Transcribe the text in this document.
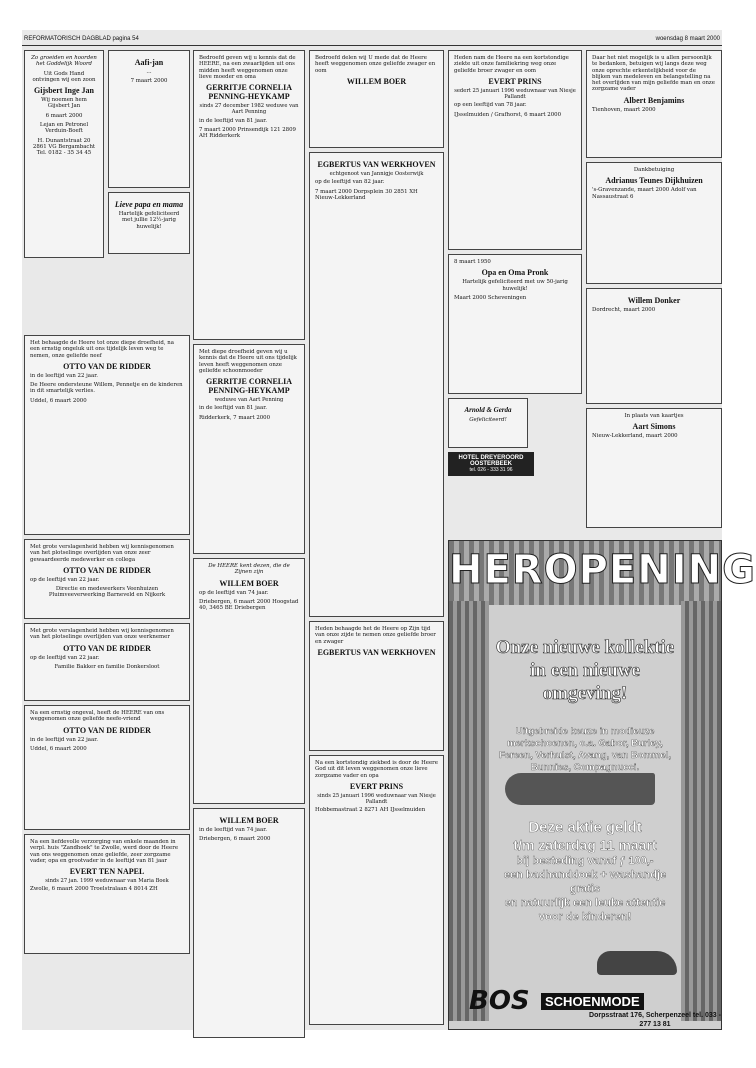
REFORMATORISCH DAGBLAD pagina 54	woensdag 8 maart 2000

Zo groeiden en hoorden het Goddelijk Woord

Uit Gods Hand ontvingen wij een zoon

Gijsbert Inge Jan

Wij noemen hem Gijsbert Jan

6 maart 2000

Lejan en Petronel Verduin-Boeft

H. Dunantstraat 20 2861 VG Bergambacht Tel. 0182 - 35 34 45

Aafi-jan

...

7 maart 2000

Lieve papa en mama

Hartelijk gefeliciteerd met jullie 12½-jarig huwelijk!

Het behaagde de Heere tot onze diepe droefheid, na een ernstig ongeluk uit ons tijdelijk leven weg te nemen, onze geliefde neef

OTTO VAN DE RIDDER

in de leeftijd van 22 jaar.

De Heere ondersteune Willem, Pennetje en de kinderen in dit smartelijk verlies.

Uddel, 6 maart 2000

Met grote verslagenheid hebben wij kennisgenomen van het plotselinge overlijden van onze zeer gewaardeerde medewerker en collega

OTTO VAN DE RIDDER

op de leeftijd van 22 jaar.

Directie en medewerkers Veenhuizen Pluimveeverwerking Barneveld en Nijkerk

Met grote verslagenheid hebben wij kennisgenomen van het plotselinge overlijden van onze werknemer

OTTO VAN DE RIDDER

op de leeftijd van 22 jaar.

Familie Bakker en familie Donkersloot

Na een ernstig ongeval, heeft de HEERE van ons weggenomen onze geliefde neefe-vriend

OTTO VAN DE RIDDER

in de leeftijd van 22 jaar.

Uddel, 6 maart 2000

Na een liefdevolle verzorging van enkele maanden in verpl. huis "Zandhoek" te Zwolle, werd door de Heere van ons weggenomen onze geliefde, zeer zorgzame vader, opa en grootvader in de leeftijd van 81 jaar

EVERT TEN NAPEL

sinds 27 jan. 1999 weduwnaar van Maria Boek

Zwolle, 6 maart 2000 Troelstralaan 4 8014 ZH

Bedroefd geven wij u kennis dat de HEERE, na een zwaarlijden uit ons midden heeft weggenomen onze lieve moeder en oma

GERRITJE CORNELIA PENNING-HEYKAMP

sinds 27 december 1982 weduwe van Aart Penning

in de leeftijd van 81 jaar.

7 maart 2000 Prinsendijk 121 2809 AH Ridderkerk

Met diepe droefheid geven wij u kennis dat de Heere uit ons tijdelijk leven heeft weggenomen onze geliefde schoonmoeder

GERRITJE CORNELIA PENNING-HEYKAMP

weduwe van Aart Penning

in de leeftijd van 81 jaar.

Ridderkerk, 7 maart 2000

De HEERE kent dezen, die de Zijnen zijn

WILLEM BOER

op de leeftijd van 74 jaar.

Driebergen, 6 maart 2000 Hoogstad 40, 3465 BE Driebergen

WILLEM BOER

in de leeftijd van 74 jaar.

Driebergen, 6 maart 2000

Bedroefd delen wij U mede dat de Heere heeft weggenomen onze geliefde zwager en oom

WILLEM BOER
EGBERTUS VAN WERKHOVEN

echtgenoot van Jannigje Oosterwijk

op de leeftijd van 82 jaar.

7 maart 2000 Dorpsplein 30 2851 XH Nieuw-Lekkerland

Heden behaagde het de Heere op Zijn tijd van onze zijde te nemen onze geliefde broer en zwager

EGBERTUS VAN WERKHOVEN

Na een kortstondig ziekbed is door de Heere God uit dit leven weggenomen onze lieve zorgzame vader en opa

EVERT PRINS

sinds 25 januari 1996 weduwnaar van Niesje Pallandt

Hobbemastraat 2 8271 AH IJsselmuiden

Heden nam de Heere na een kortstondige ziekte uit onze familiekring weg onze geliefde broer zwager en oom

EVERT PRINS

sedert 25 januari 1996 weduwnaar van Niesje Pallandt

op een leeftijd van 78 jaar.

IJsselmuiden / Grafhorst, 6 maart 2000

8 maart 1950

Opa en Oma Pronk

Hartelijk gefeliciteerd met uw 50-jarig huwelijk!

Maart 2000 Scheveningen

Arnold & Gerda

Gefeliciteerd!

HOTEL DREYEROORD OOSTERBEEK
tel. 026 - 333 31 96

Daar het niet mogelijk is u allen persoonlijk te bedanken, betuigen wij langs deze weg onze oprechte erkentelijkheid voor de blijken van medeleven en belangstelling na het overlijden van mijn geliefde man en onze zorgzame vader

Albert Benjamins

Tienhoven, maart 2000

Dankbetuiging

Adrianus Teunes Dijkhuizen

's-Gravenzande, maart 2000 Adolf van Nassaustraat 6

Willem Donker

Dordrecht, maart 2000

In plaats van kaartjes

Aart Simons

Nieuw-Lekkerland, maart 2000

HEROPENING
Onze nieuwe kollektie in een nieuwe omgeving!
Uitgebreide keuze in modieuze merkschoenen, o.a. Gabor, Burley, Fereen, Verhulst, Avang, van Bommel, Bunnies, Compagnucci.
Deze aktie geldt
t/m zaterdag 11 maart
bij besteding vanaf ƒ 100,-
een badhanddoek + washandje gratis
en natuurlijk een leuke attentie voor de kinderen!
BOS	SCHOENMODE
Dorpsstraat 176, Scherpenzeel tel. 033 - 277 13 81
